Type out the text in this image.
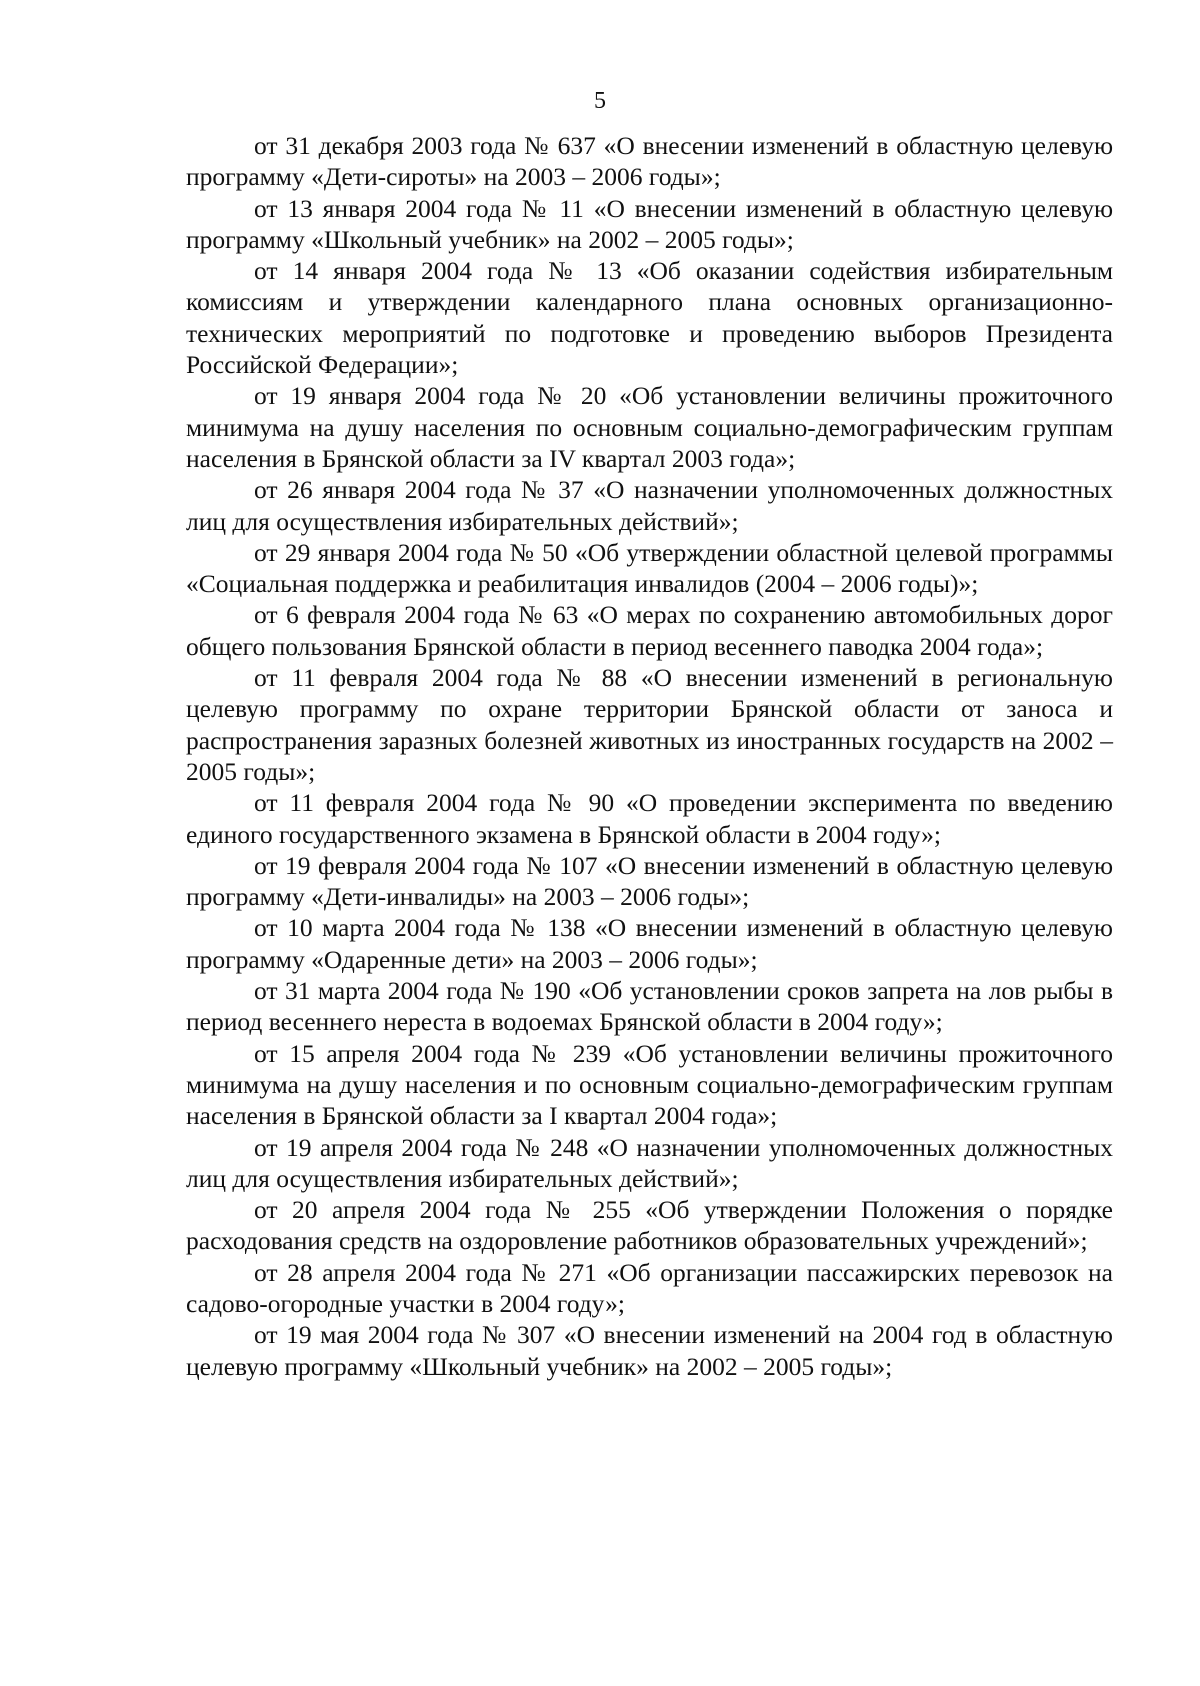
5

от 31 декабря 2003 года № 637 «О внесении изменений в областную целевую программу «Дети-сироты» на 2003 – 2006 годы»;

от 13 января 2004 года № 11 «О внесении изменений в областную целевую программу «Школьный учебник» на 2002 – 2005 годы»;

от 14 января 2004 года № 13 «Об оказании содействия избирательным комиссиям и утверждении календарного плана основных организационно-технических мероприятий по подготовке и проведению выборов Президента Российской Федерации»;

от 19 января 2004 года № 20 «Об установлении величины прожиточного минимума на душу населения по основным социально-демографическим группам населения в Брянской области за IV квартал 2003 года»;

от 26 января 2004 года № 37 «О назначении уполномоченных должностных лиц для осуществления избирательных действий»;

от 29 января 2004 года № 50 «Об утверждении областной целевой программы «Социальная поддержка и реабилитация инвалидов (2004 – 2006 годы)»;

от 6 февраля 2004 года № 63 «О мерах по сохранению автомобильных дорог общего пользования Брянской области в период весеннего паводка 2004 года»;

от 11 февраля 2004 года № 88 «О внесении изменений в региональную целевую программу по охране территории Брянской области от заноса и распространения заразных болезней животных из иностранных государств на 2002 – 2005 годы»;

от 11 февраля 2004 года № 90 «О проведении эксперимента по введению единого государственного экзамена в Брянской области в 2004 году»;

от 19 февраля 2004 года № 107 «О внесении изменений в областную целевую программу «Дети-инвалиды» на 2003 – 2006 годы»;

от 10 марта 2004 года № 138 «О внесении изменений в областную целевую программу «Одаренные дети» на 2003 – 2006 годы»;

от 31 марта 2004 года № 190 «Об установлении сроков запрета на лов рыбы в период весеннего нереста в водоемах Брянской области в 2004 году»;

от 15 апреля 2004 года № 239 «Об установлении величины прожиточного минимума на душу населения и по основным социально-демографическим группам населения в Брянской области за I квартал 2004 года»;

от 19 апреля 2004 года № 248 «О назначении уполномоченных должностных лиц для осуществления избирательных действий»;

от 20 апреля 2004 года № 255 «Об утверждении Положения о порядке расходования средств на оздоровление работников образовательных учреждений»;

от 28 апреля 2004 года № 271 «Об организации пассажирских перевозок на садово-огородные участки в 2004 году»;

от 19 мая 2004 года № 307 «О внесении изменений на 2004 год в областную целевую программу «Школьный учебник» на 2002 – 2005 годы»;
